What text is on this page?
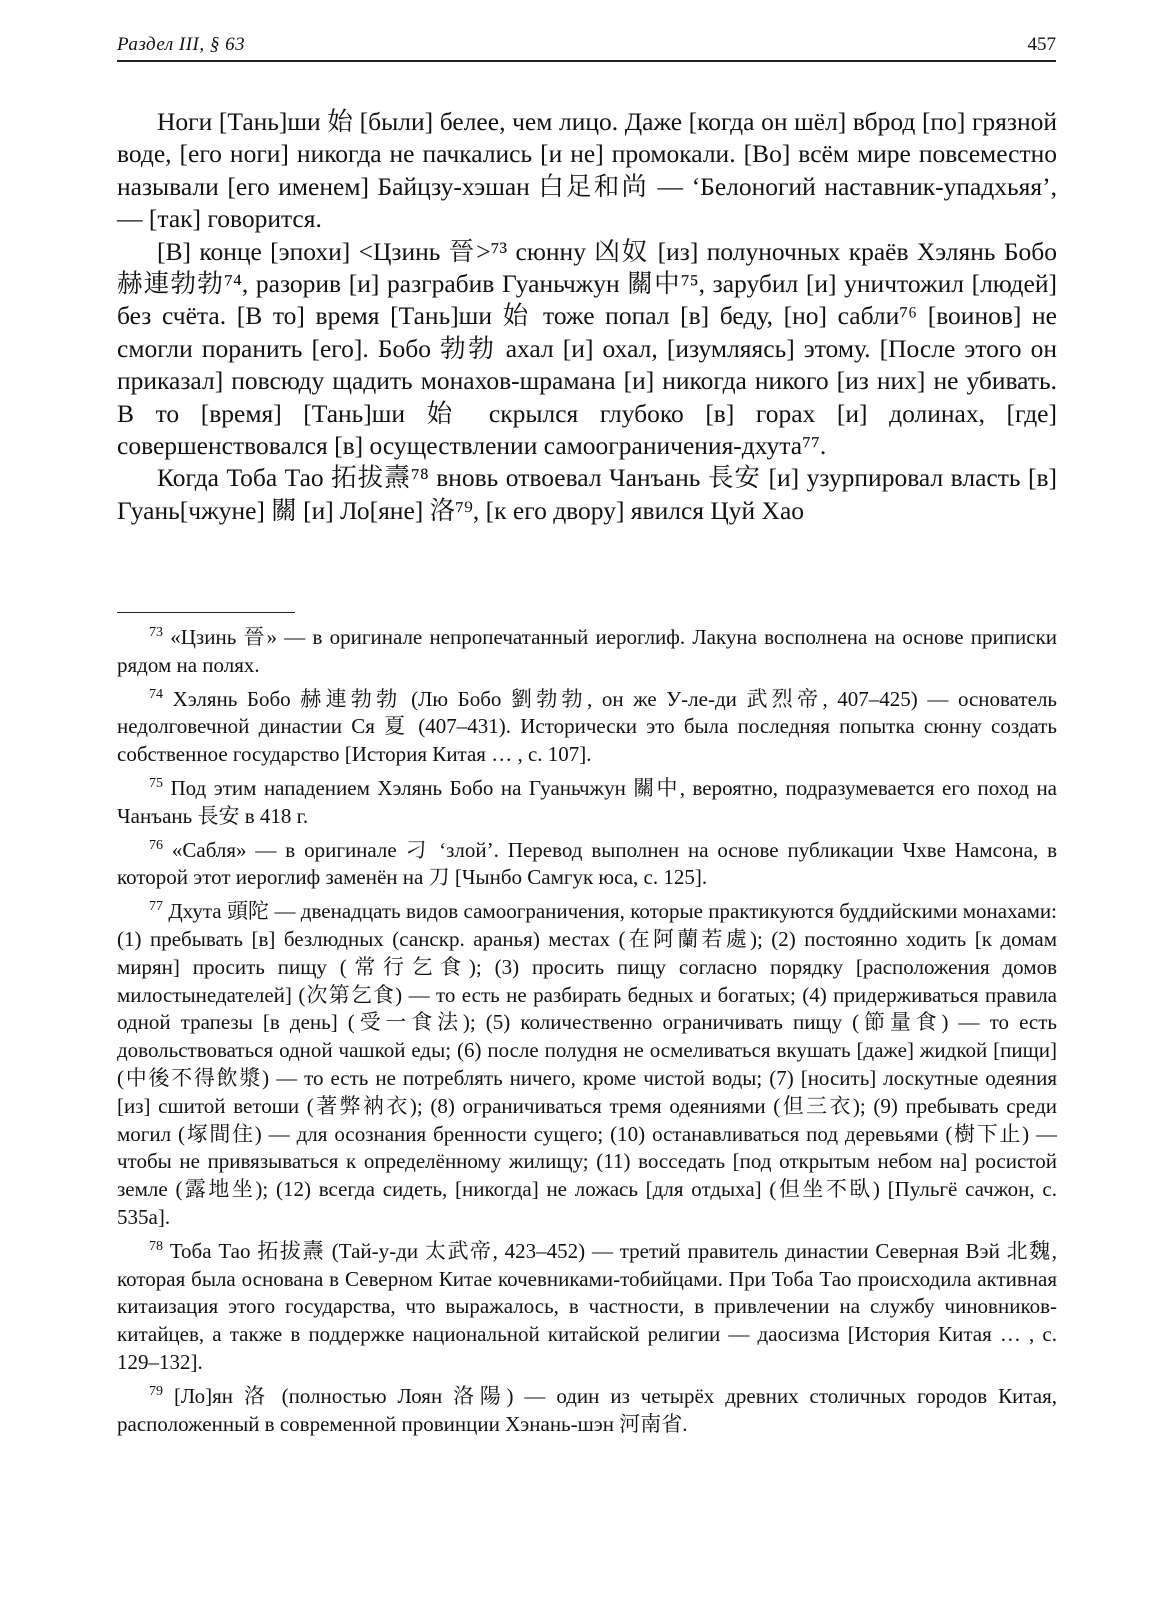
Раздел III, § 63	457

Ноги [Тань]ши 始 [были] белее, чем лицо. Даже [когда он шёл] вброд [по] грязной воде, [его ноги] никогда не пачкались [и не] промокали. [Во] всём мире повсеместно называли [его именем] Байцзу-хэшан 白足和尚 — ‘Белоногий наставник-упадхьяя’, — [так] говорится.

[В] конце [эпохи] <Цзинь 晉>⁷³ сюнну 凶奴 [из] полуночных краёв Хэлянь Бобо 赫連勃勃⁷⁴, разорив [и] разграбив Гуаньчжун 關中⁷⁵, зарубил [и] уничтожил [людей] без счёта. [В то] время [Тань]ши 始 тоже попал [в] беду, [но] сабли⁷⁶ [воинов] не смогли поранить [его]. Бобо 勃勃 ахал [и] охал, [изумляясь] этому. [После этого он приказал] повсюду щадить монахов-шрамана [и] никогда никого [из них] не убивать. В то [время] [Тань]ши 始 скрылся глубоко [в] горах [и] долинах, [где] совершенствовался [в] осуществлении самоограничения-дхута⁷⁷.

Когда Тоба Тао 拓拔燾⁷⁸ вновь отвоевал Чанъань 長安 [и] узурпировал власть [в] Гуань[чжуне] 關 [и] Ло[яне] 洛⁷⁹, [к его двору] явился Цуй Хао

$^{73}$ «Цзинь 晉» — в оригинале непропечатанный иероглиф. Лакуна восполнена на основе приписки рядом на полях.

$^{74}$ Хэлянь Бобо 赫連勃勃 (Лю Бобо 劉勃勃, он же У-ле-ди 武烈帝, 407–425) — основатель недолговечной династии Ся 夏 (407–431). Исторически это была последняя попытка сюнну создать собственное государство [История Китая … , с. 107].

$^{75}$ Под этим нападением Хэлянь Бобо на Гуаньчжун 關中, вероятно, подразумевается его поход на Чанъань 長安 в 418 г.

$^{76}$ «Сабля» — в оригинале 刁 ‘злой’. Перевод выполнен на основе публикации Чхве Намсона, в которой этот иероглиф заменён на 刀 [Чынбо Самгук юса, с. 125].

$^{77}$ Дхута 頭陀 — двенадцать видов самоограничения, которые практикуются буддийскими монахами: (1) пребывать [в] безлюдных (санскр. аранья) местах (在阿蘭若處); (2) постоянно ходить [к домам мирян] просить пищу (常行乞食); (3) просить пищу согласно порядку [расположения домов милостынедателей] (次第乞食) — то есть не разбирать бедных и богатых; (4) придерживаться правила одной трапезы [в день] (受一食法); (5) количественно ограничивать пищу (節量食) — то есть довольствоваться одной чашкой еды; (6) после полудня не осмеливаться вкушать [даже] жидкой [пищи] (中後不得飲漿) — то есть не потреблять ничего, кроме чистой воды; (7) [носить] лоскутные одеяния [из] сшитой ветоши (著弊衲衣); (8) ограничиваться тремя одеяниями (但三衣); (9) пребывать среди могил (塚間住) — для осознания бренности сущего; (10) останавливаться под деревьями (樹下止) — чтобы не привязываться к определённому жилищу; (11) восседать [под открытым небом на] росистой земле (露地坐); (12) всегда сидеть, [никогда] не ложась [для отдыха] (但坐不臥) [Пульгё сачжон, с. 535а].

$^{78}$ Тоба Тао 拓拔燾 (Тай-у-ди 太武帝, 423–452) — третий правитель династии Северная Вэй 北魏, которая была основана в Северном Китае кочевниками-тобийцами. При Тоба Тао происходила активная китаизация этого государства, что выражалось, в частности, в привлечении на службу чиновников-китайцев, а также в поддержке национальной китайской религии — даосизма [История Китая … , с. 129–132].

$^{79}$ [Ло]ян 洛 (полностью Лоян 洛陽) — один из четырёх древних столичных городов Китая, расположенный в современной провинции Хэнань-шэн 河南省.
